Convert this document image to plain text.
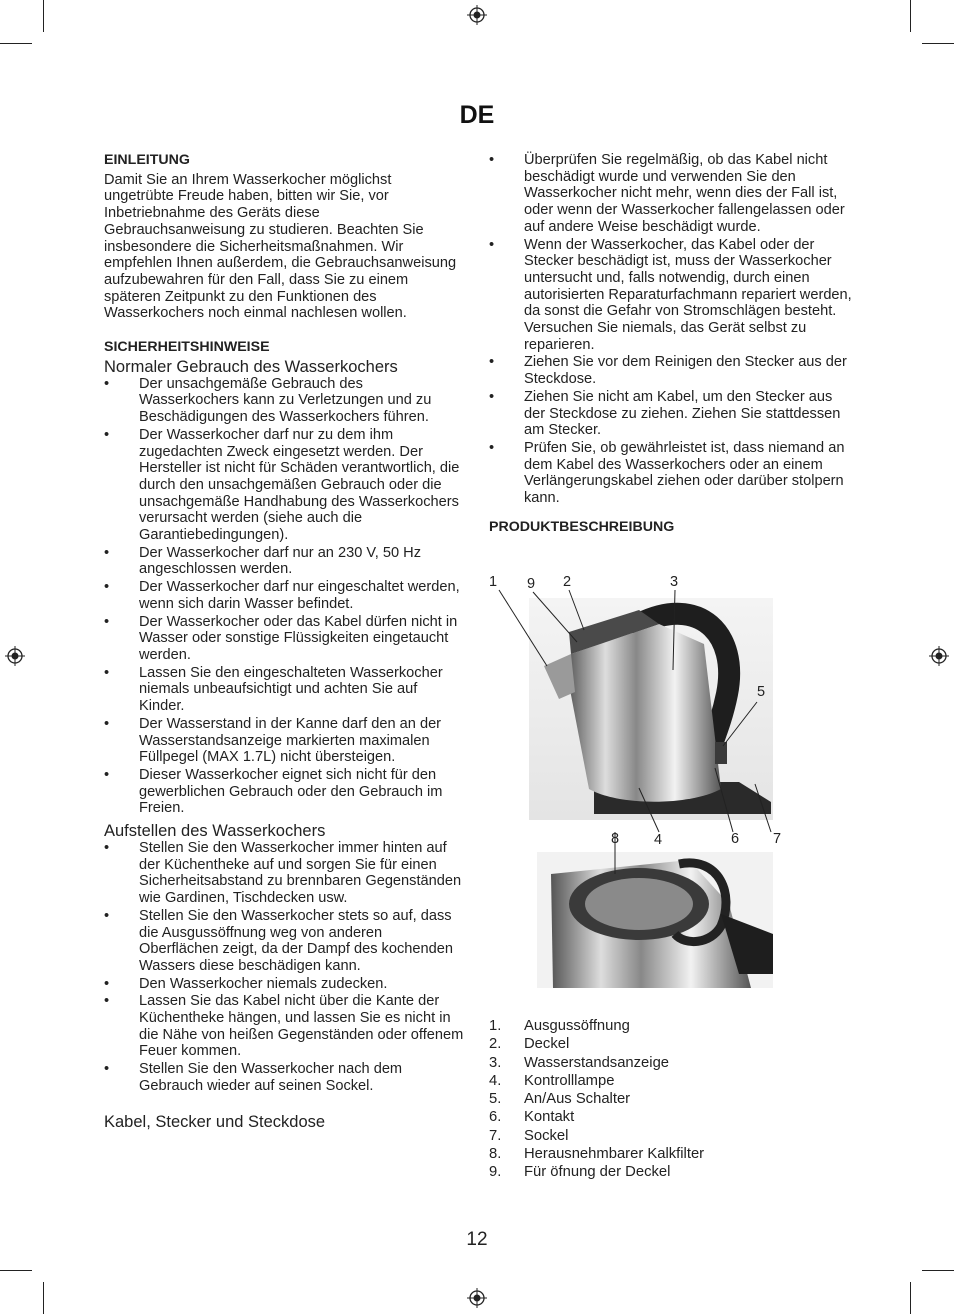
DE

EINLEITUNG

Damit Sie an Ihrem Wasserkocher möglichst ungetrübte Freude haben, bitten wir Sie, vor Inbetriebnahme des Geräts diese Gebrauchsanweisung zu studieren. Beachten Sie insbesondere die Sicherheitsmaßnahmen. Wir empfehlen Ihnen außerdem, die Gebrauchsanweisung aufzubewahren für den Fall, dass Sie zu einem späteren Zeitpunkt zu den Funktionen des Wasserkochers noch einmal nachlesen wollen.

SICHERHEITSHINWEISE

Normaler Gebrauch des Wasserkochers

• Der unsachgemäße Gebrauch des Wasserkochers kann zu Verletzungen und zu Beschädigungen des Wasserkochers führen.
• Der Wasserkocher darf nur zu dem ihm zugedachten Zweck eingesetzt werden. Der Hersteller ist nicht für Schäden verantwortlich, die durch den unsachgemäßen Gebrauch oder die unsachgemäße Handhabung des Wasserkochers verursacht werden (siehe auch die Garantiebedingungen).
• Der Wasserkocher darf nur an 230 V, 50 Hz angeschlossen werden.
• Der Wasserkocher darf nur eingeschaltet werden, wenn sich darin Wasser befindet.
• Der Wasserkocher oder das Kabel dürfen nicht in Wasser oder sonstige Flüssigkeiten eingetaucht werden.
• Lassen Sie den eingeschalteten Wasserkocher niemals unbeaufsichtigt und achten Sie auf Kinder.
• Der Wasserstand in der Kanne darf den an der Wasserstandsanzeige markierten maximalen Füllpegel (MAX 1.7L) nicht übersteigen.
• Dieser Wasserkocher eignet sich nicht für den gewerblichen Gebrauch oder den Gebrauch im Freien.

Aufstellen des Wasserkochers

• Stellen Sie den Wasserkocher immer hinten auf der Küchentheke auf und sorgen Sie für einen Sicherheitsabstand zu brennbaren Gegenständen wie Gardinen, Tischdecken usw.
• Stellen Sie den Wasserkocher stets so auf, dass die Ausgussöffnung weg von anderen Oberflächen zeigt, da der Dampf des kochenden Wassers diese beschädigen kann.
• Den Wasserkocher niemals zudecken.
• Lassen Sie das Kabel nicht über die Kante der Küchentheke hängen, und lassen Sie es nicht in die Nähe von heißen Gegenständen oder offenem Feuer kommen.
• Stellen Sie den Wasserkocher nach dem Gebrauch wieder auf seinen Sockel.

Kabel, Stecker und Steckdose

• Überprüfen Sie regelmäßig, ob das Kabel nicht beschädigt wurde und verwenden Sie den Wasserkocher nicht mehr, wenn dies der Fall ist, oder wenn der Wasserkocher fallengelassen oder auf andere Weise beschädigt wurde.
• Wenn der Wasserkocher, das Kabel oder der Stecker beschädigt ist, muss der Wasserkocher untersucht und, falls notwendig, durch einen autorisierten Reparaturfachmann repariert werden, da sonst die Gefahr von Stromschlägen besteht. Versuchen Sie niemals, das Gerät selbst zu reparieren.
• Ziehen Sie vor dem Reinigen den Stecker aus der Steckdose.
• Ziehen Sie nicht am Kabel, um den Stecker aus der Steckdose zu ziehen. Ziehen Sie stattdessen am Stecker.
• Prüfen Sie, ob gewährleistet ist, dass niemand an dem Kabel des Wasserkochers oder an einem Verlängerungskabel ziehen oder darüber stolpern kann.

PRODUKTBESCHREIBUNG

1 9 2	3
5
8 4	6 7
1.	Ausgussöffnung
2.	Deckel
3.	Wasserstandsanzeige
4.	Kontrolllampe
5.	An/Aus Schalter
6.	Kontakt
7.	Sockel
8.	Herausnehmbarer Kalkfilter
9.	Für öfnung der Deckel
12
